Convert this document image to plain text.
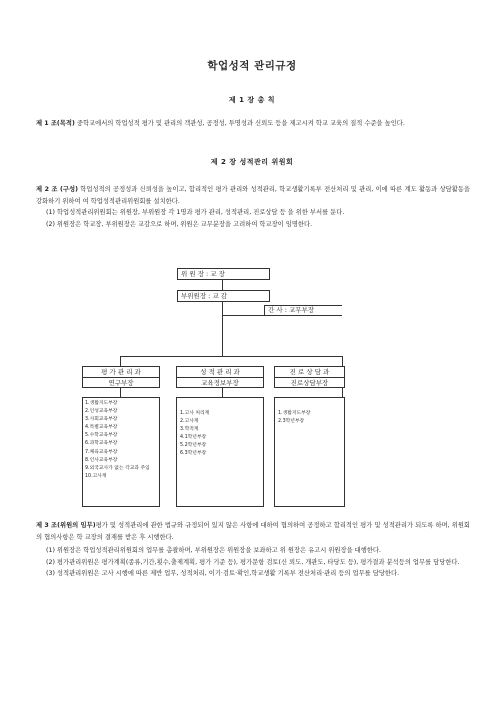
학업성적 관리규정
제 1 장 총 칙
제 1 조(목적) 중학교에서의 학업성적 평가 및 관리의 객관성, 공정성, 투명성과 신뢰도 등을 제고시켜 학교 교육의 질적 수준을 높인다.
제 2 장 성적관리 위원회
제 2 조 (구성) 학업성적의 공정성과 신뢰성을 높이고, 합리적인 평가 관리와 성적관리, 학교생활기록부 전산처리 및 관리, 이에 따른 계도 활동과 상담활동을 강화하기 위하여 여 학업성적관리위원회를 설치한다.
(1) 학업성적관리위원회는 위원장, 부위원장 각 1명과 평가 관리, 성적관리, 진로상담 등 을 위한 부서를 둔다.
(2) 위원장은 학교장, 부위원장은 교감으로 하며, 위원은 교무분장을 고려하여 학교장이 임명한다.
위 원 장 : 교 장
부위원장 : 교 감
간 사 : 교무부장
평 가 관 리 과
연구부장
1.생활지도부장
2.인성교육부장
3.사회교육부장
4.특별교육부장
5.수학교육부장
6.과학교육부장
7.체육교육부장
8.인사교육부장
9.외국교사가 없는 각교과 주임
10.고사계
성 적 관 리 과
교육정보부장
1.고사 처리계
2.고사계
3.학적계
4.1학년부장
5.2학년부장
6.3학년부장
진 로 상 담 과
진로상담부장
1.생활지도부장
2.3학년부장
제 3 조(위원의 임무)평가 및 성적관리에 관한 법규와 규정되어 있지 않은 사항에 대하여 협의하여 공정하고 합리적인 평가 및 성적관리가 되도록 하며, 위원회의 협의사항은 학 교장의 결재를 받은 후 시행한다.
(1) 위원장은 학업성적관리위원회의 업무를 총괄하며, 부위원장은 위원장을 보좌하고 위 원장은 유고시 위원장을 대행한다.
(2) 평가관리위원은 평가계획(종류,기간,횟수,출제계획, 평가 기준 등), 평가문항 검토(신 뢰도, 개관도, 타당도 등), 평가결과 분석등의 업무를 담당한다.
(3) 성적관리위원은 고사 시행에 따른 제반 업무, 성적처리, 이기·검토·확인,학교생활 기록부 전산처리·관리 등의 업무를 담당한다.
